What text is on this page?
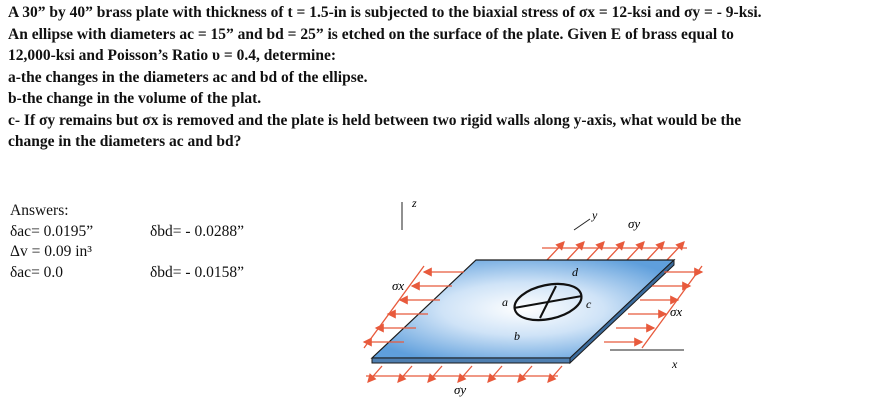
A 30” by 40” brass plate with thickness of t = 1.5-in is subjected to the biaxial stress of σx = 12-ksi and σy = - 9-ksi.

An ellipse with diameters ac = 15” and bd = 25” is etched on the surface of the plate. Given E of brass equal to

12,000-ksi and Poisson’s Ratio υ = 0.4, determine:

a-the changes in the diameters ac and bd of the ellipse.

b-the change in the volume of the plat.

c- If σy remains but σx is removed and the plate is held between two rigid walls along y-axis, what would be the

change in the diameters ac and bd?

Answers:

δac= 0.0195”	δbd= - 0.0288”
Δv = 0.09 in³
δac= 0.0	δbd= - 0.0158”
z
y
x
σy
σx
σx
σy
a
b
c
d
